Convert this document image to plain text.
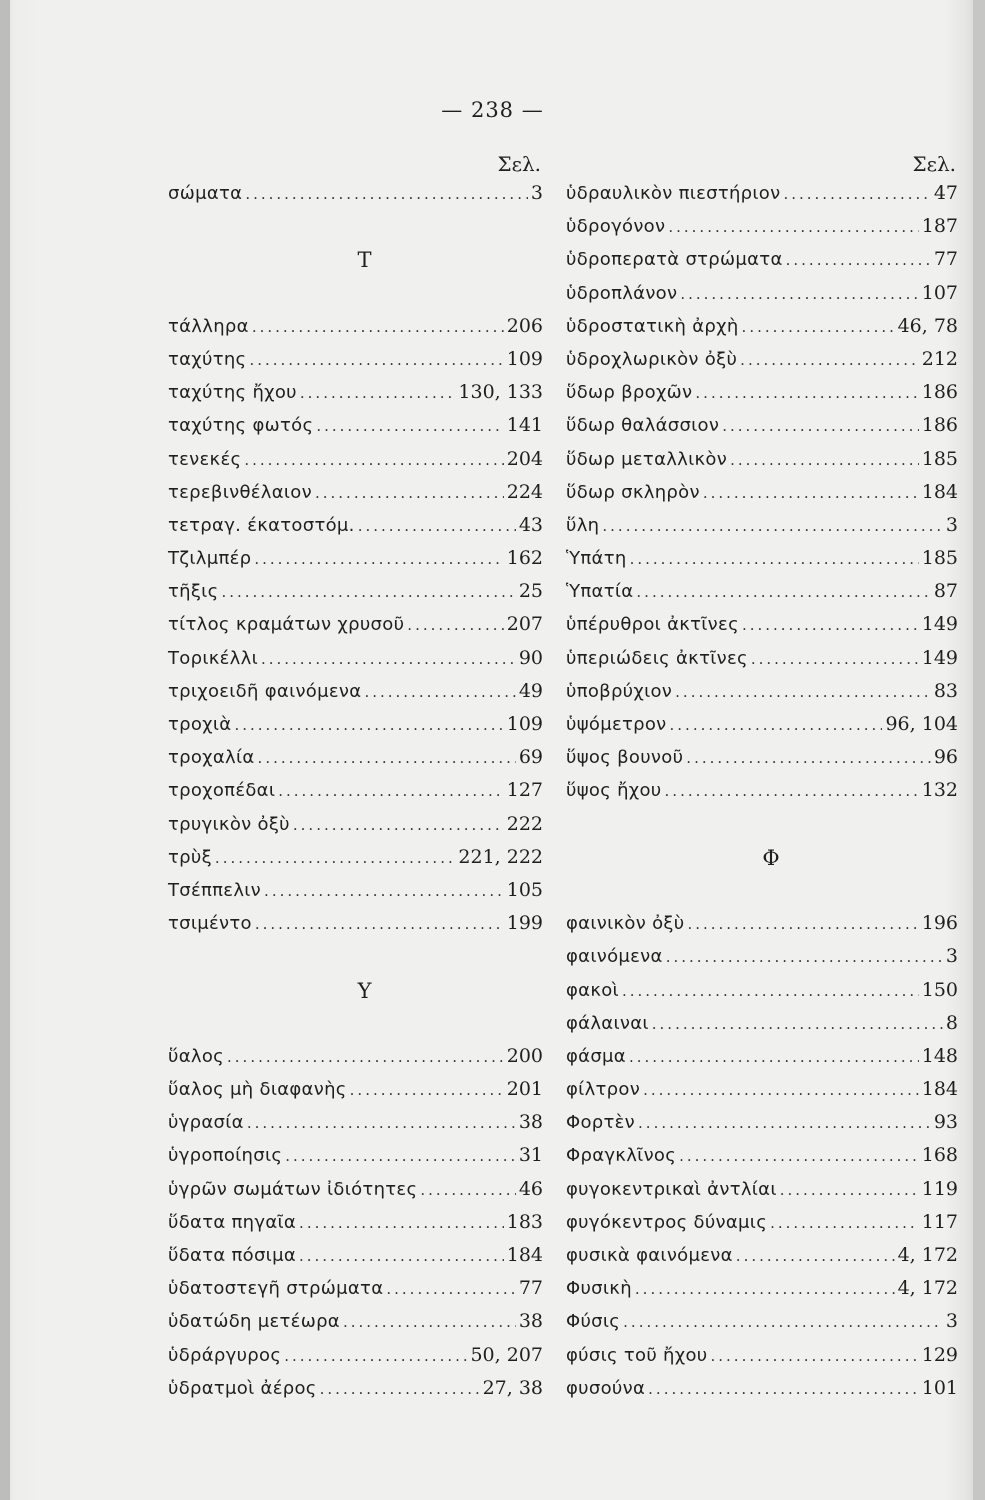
— 238 —
Σελ.
σώματα .....	3
Τ
τάλληρα .....	206
ταχύτης .....	109
ταχύτης ἤχου .....	130, 133
ταχύτης φωτός .....	141
τενεκές .....	204
τερεβινθέλαιον .....	224
τετραγ. έκατοστόμ. .....	43
Τζιλμπέρ .....	162
τῆξις .....	25
τίτλος κραμάτων χρυσοῦ .....	207
Τορικέλλι .....	90
τριχοειδῆ φαινόμενα .....	49
τροχιὰ .....	109
τροχαλία .....	69
τροχοπέδαι .....	127
τρυγικὸν ὀξὺ .....	222
τρὺξ .....	221, 222
Τσέππελιν .....	105
τσιμέντο .....	199
Υ
ὕαλος .....	200
ὕαλος μὴ διαφανὴς .....	201
ὑγρασία .....	38
ὑγροποίησις .....	31
ὑγρῶν σωμάτων ἰδιότητες .....	46
ὕδατα πηγαῖα .....	183
ὕδατα πόσιμα .....	184
ὑδατοστεγῆ στρώματα .....	77
ὑδατώδη μετέωρα .....	38
ὑδράργυρος .....	50, 207
ὑδρατμοὶ ἀέρος .....	27, 38
Σελ.
ὑδραυλικὸν πιεστήριον .....	47
ὑδρογόνον .....	187
ὑδροπερατὰ στρώματα .....	77
ὑδροπλάνον .....	107
ὑδροστατικὴ ἀρχὴ .....	46, 78
ὑδροχλωρικὸν ὀξὺ .....	212
ὕδωρ βροχῶν .....	186
ὕδωρ θαλάσσιον .....	186
ὕδωρ μεταλλικὸν .....	185
ὕδωρ σκληρὸν .....	184
ὕλη .....	3
Ὑπάτη .....	185
Ὑπατία .....	87
ὑπέρυθροι ἀκτῖνες .....	149
ὑπεριώδεις ἀκτῖνες .....	149
ὑποβρύχιον .....	83
ὑψόμετρον .....	96, 104
ὕψος βουνοῦ .....	96
ὕψος ἤχου .....	132
Φ
φαινικὸν ὀξὺ .....	196
φαινόμενα .....	3
φακοὶ .....	150
φάλαιναι .....	8
φάσμα .....	148
φίλτρον .....	184
Φορτὲν .....	93
Φραγκλῖνος .....	168
φυγοκεντρικαὶ ἀντλίαι .....	119
φυγόκεντρος δύναμις .....	117
φυσικὰ φαινόμενα .....	4, 172
Φυσικὴ .....	4, 172
Φύσις .....	3
φύσις τοῦ ἤχου .....	129
φυσούνα .....	101
